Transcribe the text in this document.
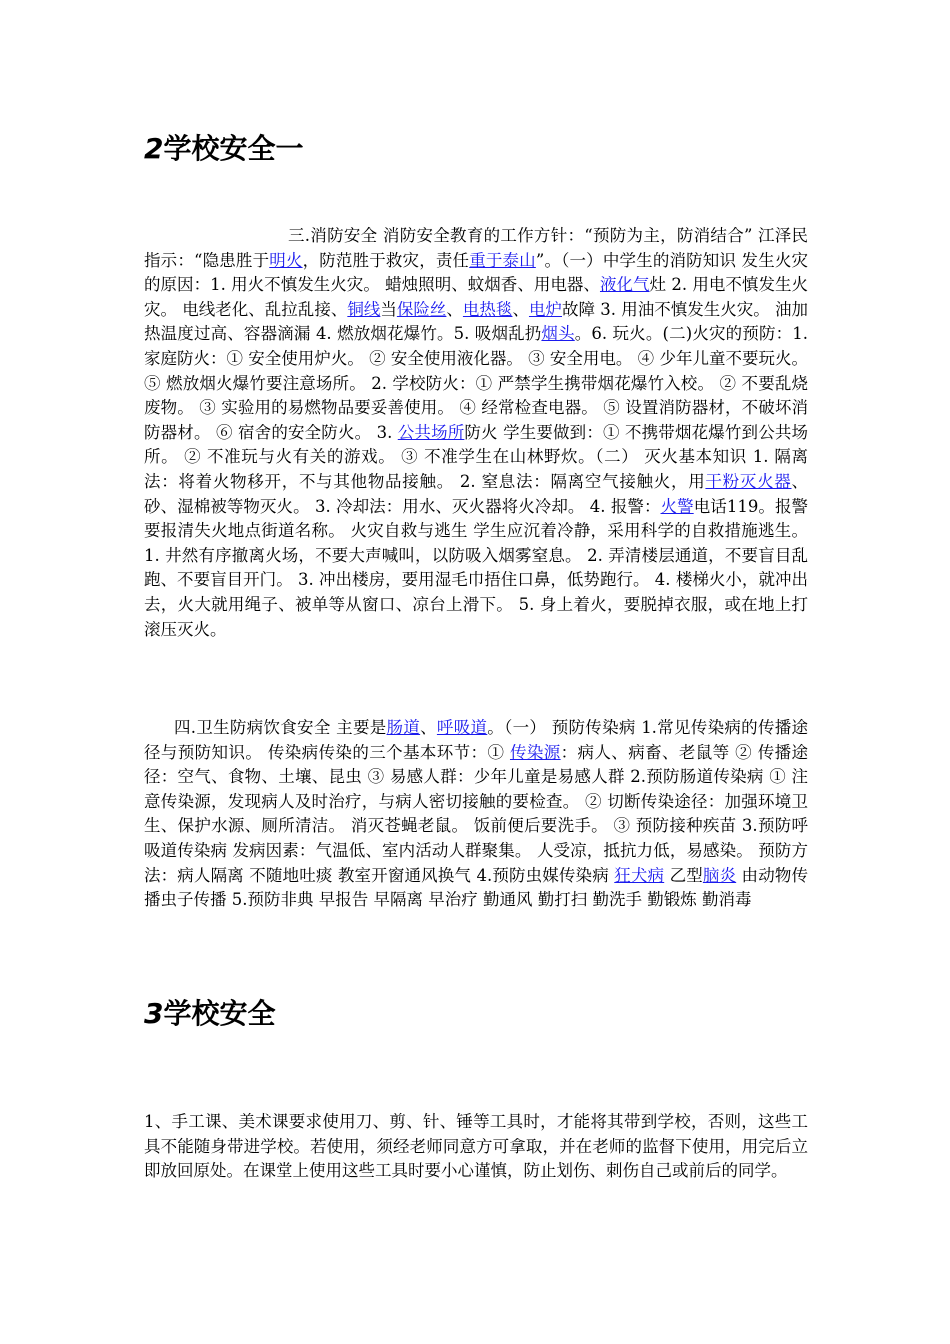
2学校安全一

三.消防安全 消防安全教育的工作方针：“预防为主，防消结合” 江泽民指示：“隐患胜于明火，防范胜于救灾，责任重于泰山”。（一）中学生的消防知识 发生火灾的原因：1. 用火不慎发生火灾。 蜡烛照明、蚊烟香、用电器、液化气灶 2. 用电不慎发生火灾。 电线老化、乱拉乱接、铜线当保险丝、电热毯、电炉故障 3. 用油不慎发生火灾。 油加热温度过高、容器滴漏 4. 燃放烟花爆竹。5. 吸烟乱扔烟头。6. 玩火。(二)火灾的预防：1. 家庭防火：① 安全使用炉火。 ② 安全使用液化器。 ③ 安全用电。 ④ 少年儿童不要玩火。 ⑤ 燃放烟火爆竹要注意场所。 2. 学校防火：① 严禁学生携带烟花爆竹入校。 ② 不要乱烧废物。 ③ 实验用的易燃物品要妥善使用。 ④ 经常检查电器。 ⑤ 设置消防器材，不破坏消防器材。 ⑥ 宿舍的安全防火。 3. 公共场所防火 学生要做到：① 不携带烟花爆竹到公共场所。 ② 不准玩与火有关的游戏。 ③ 不准学生在山林野炊。（二） 灭火基本知识 1. 隔离法：将着火物移开，不与其他物品接触。 2. 窒息法：隔离空气接触火，用干粉灭火器、砂、湿棉被等物灭火。 3. 冷却法：用水、灭火器将火冷却。 4. 报警：火警电话119。报警要报清失火地点街道名称。 火灾自救与逃生 学生应沉着冷静，采用科学的自救措施逃生。 1. 井然有序撤离火场，不要大声喊叫，以防吸入烟雾窒息。 2. 弄清楼层通道，不要盲目乱跑、不要盲目开门。 3. 冲出楼房，要用湿毛巾捂住口鼻，低势跑行。 4. 楼梯火小，就冲出去，火大就用绳子、被单等从窗口、凉台上滑下。 5. 身上着火，要脱掉衣服，或在地上打滚压灭火。

四.卫生防病饮食安全 主要是肠道、呼吸道。（一） 预防传染病 1.常见传染病的传播途径与预防知识。 传染病传染的三个基本环节：① 传染源：病人、病畜、老鼠等 ② 传播途径：空气、食物、土壤、昆虫 ③ 易感人群：少年儿童是易感人群 2.预防肠道传染病 ① 注意传染源，发现病人及时治疗，与病人密切接触的要检查。 ② 切断传染途径：加强环境卫生、保护水源、厕所清洁。 消灭苍蝇老鼠。 饭前便后要洗手。 ③ 预防接种疾苗 3.预防呼吸道传染病 发病因素：气温低、室内活动人群聚集。 人受凉，抵抗力低，易感染。 预防方法：病人隔离 不随地吐痰 教室开窗通风换气 4.预防虫媒传染病 狂犬病 乙型脑炎 由动物传播虫子传播 5.预防非典 早报告 早隔离 早治疗 勤通风 勤打扫 勤洗手 勤锻炼 勤消毒

3学校安全

1、手工课、美术课要求使用刀、剪、针、锤等工具时，才能将其带到学校，否则，这些工具不能随身带进学校。若使用，须经老师同意方可拿取，并在老师的监督下使用，用完后立即放回原处。在课堂上使用这些工具时要小心谨慎，防止划伤、刺伤自己或前后的同学。
